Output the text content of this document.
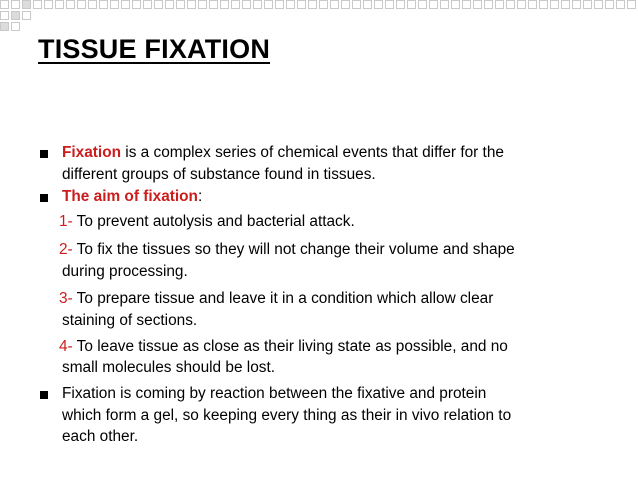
TISSUE FIXATION
Fixation is a complex series of chemical events that differ for the
different groups of substance found in tissues.
The aim of fixation:
1- To prevent autolysis and bacterial attack.
2- To fix the tissues so they will not change their volume and shape
during processing.
3- To prepare tissue and leave it in a condition which allow clear
staining of sections.
4- To leave tissue as close as their living state as possible, and no
small molecules should be lost.
Fixation is coming by reaction between the fixative and protein
which form a gel, so keeping every thing as their in vivo relation to
each other.
